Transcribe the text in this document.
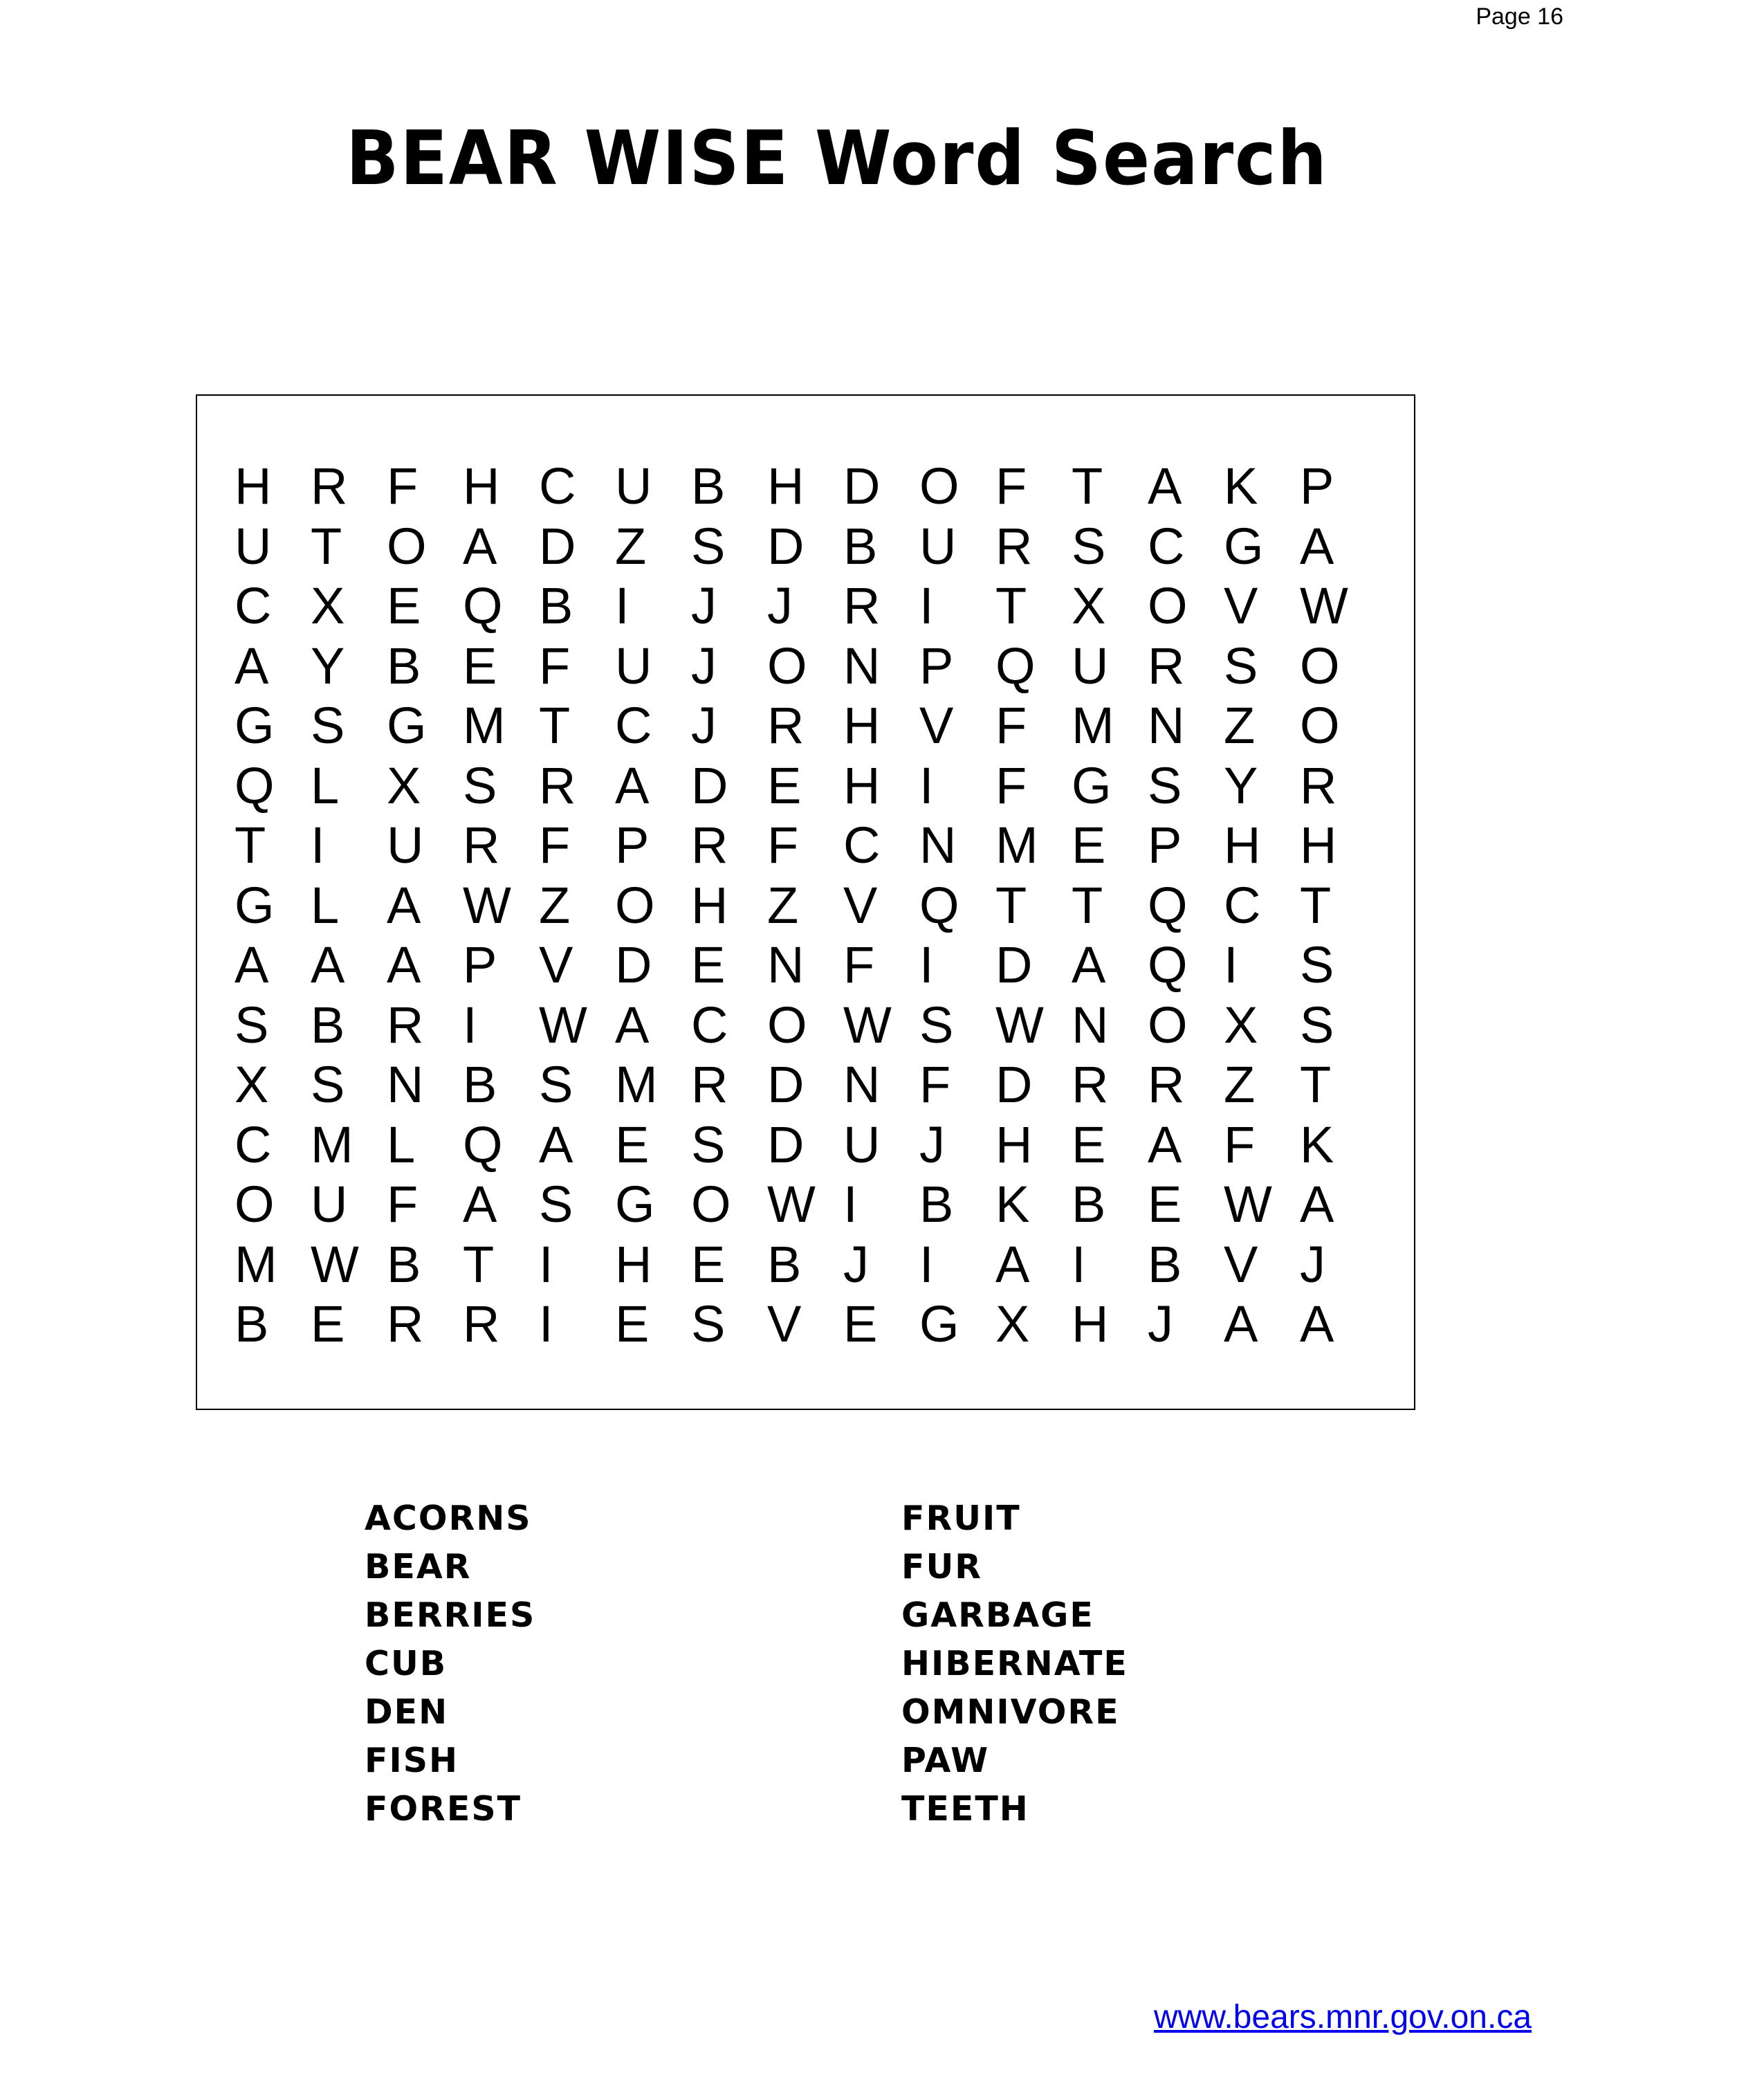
Page 16
BEAR WISE Word Search
H R F H C U B H D O F T A K P
U T O A D Z S D B U R S C G A
C X E Q B I	J J R I	T X O V W
A Y B E F U J O N P Q U R S O
G S G M T C J R H V F M N Z O
Q L X S R A D E H I	F G S Y R
T I	U R F P R F C N M E P H H
G L A W Z O H Z V Q T T Q C T
A A A P V D E N F I	D A Q I	S
S B R I	W A C O W S W N O X S
X S N B S M R D N F D R R Z T
C M L Q A E S D U J H E A F K
O U F A S G O W I	B K B E W A
M W B T I	H E B J I	A I	B V J
B E R R I	E S V E G X H J A A
ACORNS
BEAR
BERRIES
CUB
DEN
FISH
FOREST
FRUIT
FUR
GARBAGE
HIBERNATE
OMNIVORE
PAW
TEETH
www.bears.mnr.gov.on.ca
